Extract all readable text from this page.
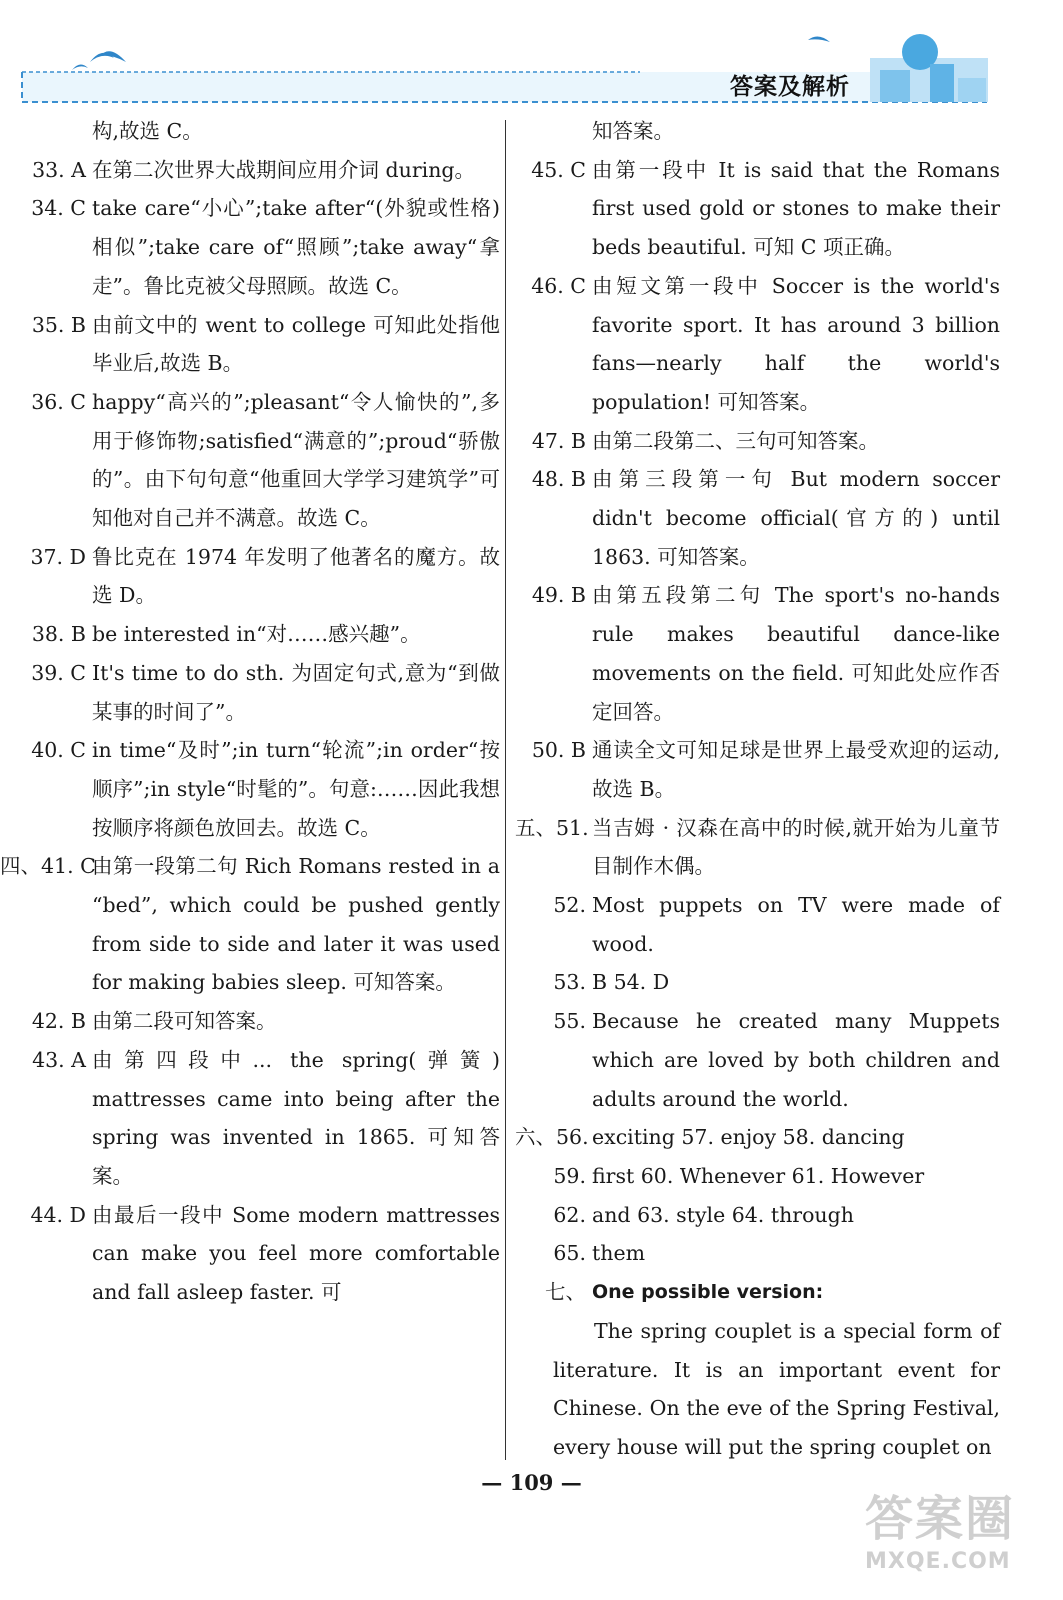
答案及解析
构,故选 C。
33. A 在第二次世界大战期间应用介词 during。
34. C take care“小心”;take after“(外貌或性格)相似”;take care of“照顾”;take away“拿走”。鲁比克被父母照顾。故选 C。
35. B 由前文中的 went to college 可知此处指他毕业后,故选 B。
36. C happy“高兴的”;pleasant“令人愉快的”,多用于修饰物;satisfied“满意的”;proud“骄傲的”。由下句句意“他重回大学学习建筑学”可知他对自己并不满意。故选 C。
37. D 鲁比克在 1974 年发明了他著名的魔方。故选 D。
38. B be interested in“对……感兴趣”。
39. C It's time to do sth. 为固定句式,意为“到做某事的时间了”。
40. C in time“及时”;in turn“轮流”;in order“按顺序”;in style“时髦的”。句意:……因此我想按顺序将颜色放回去。故选 C。
四、41. C
由第一段第二句 Rich Romans rested in a “bed”, which could be pushed gently from side to side and later it was used for making babies sleep. 可知答案。
42. B 由第二段可知答案。
43. A 由第四段中... the spring(弹簧) mattresses came into being after the spring was invented in 1865. 可知答案。
44. D 由最后一段中 Some modern mattresses can make you feel more comfortable and fall asleep faster. 可
知答案。
45. C 由第一段中 It is said that the Romans first used gold or stones to make their beds beautiful. 可知 C 项正确。
46. C 由短文第一段中 Soccer is the world's favorite sport. It has around 3 billion fans—nearly half the world's population! 可知答案。
47. B 由第二段第二、三句可知答案。
48. B 由第三段第一句 But modern soccer didn't become official(官方的) until 1863. 可知答案。
49. B 由第五段第二句 The sport's no-hands rule makes beautiful dance-like movements on the field. 可知此处应作否定回答。
50. B 通读全文可知足球是世界上最受欢迎的运动,故选 B。
五、51. 当吉姆 · 汉森在高中的时候,就开始为儿童节目制作木偶。
52. Most puppets on TV were made of wood.
53. B 54. D
55. Because he created many Muppets which are loved by both children and adults around the world.
六、56. exciting 57. enjoy 58. dancing
59. first 60. Whenever 61. However
62. and 63. style 64. through
65. them
七、 One possible version:
The spring couplet is a special form of literature. It is an important event for Chinese. On the eve of the Spring Festival, every house will put the spring couplet on
— 109 —
答案圈
MXQE.COM
